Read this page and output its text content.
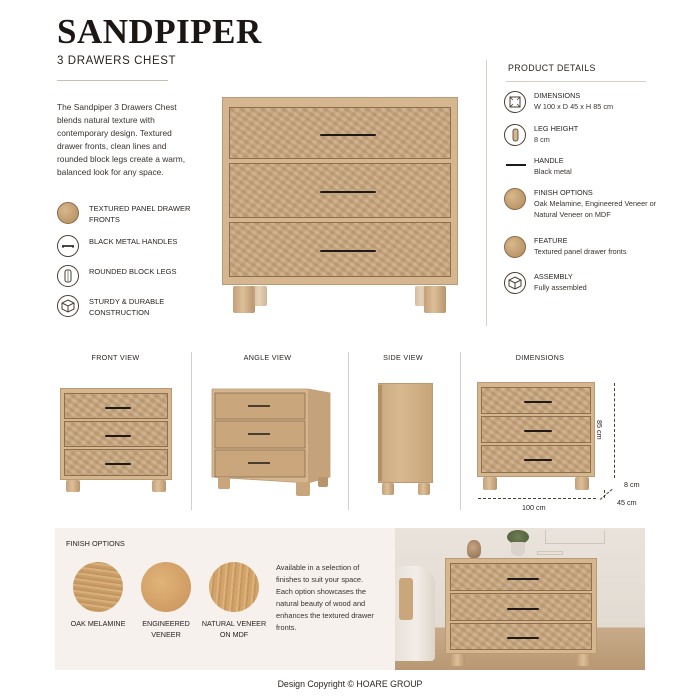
SANDPIPER
3 DRAWERS CHEST

The Sandpiper 3 Drawers Chest blends natural texture with contemporary design. Textured drawer fronts, clean lines and rounded block legs create a warm, balanced look for any space.

TEXTURED PANEL DRAWER FRONTS
BLACK METAL HANDLES
ROUNDED BLOCK LEGS
STURDY & DURABLE CONSTRUCTION
PRODUCT DETAILS
DIMENSIONS
W 100 x D 45 x H 85 cm
LEG HEIGHT
8 cm
HANDLE
Black metal
FINISH OPTIONS
Oak Melamine, Engineered Veneer or Natural Veneer on MDF
FEATURE
Textured panel drawer fronts
ASSEMBLY
Fully assembled
FRONT VIEW	ANGLE VIEW	SIDE VIEW	DIMENSIONS
85 cm
100 cm
8 cm
45 cm
FINISH OPTIONS
OAK MELAMINE	ENGINEERED VENEER
NATURAL VENEER ON MDF

Available in a selection of finishes to suit your space. Each option showcases the natural beauty of wood and enhances the textured drawer fronts.

Design Copyright © HOARE GROUP
